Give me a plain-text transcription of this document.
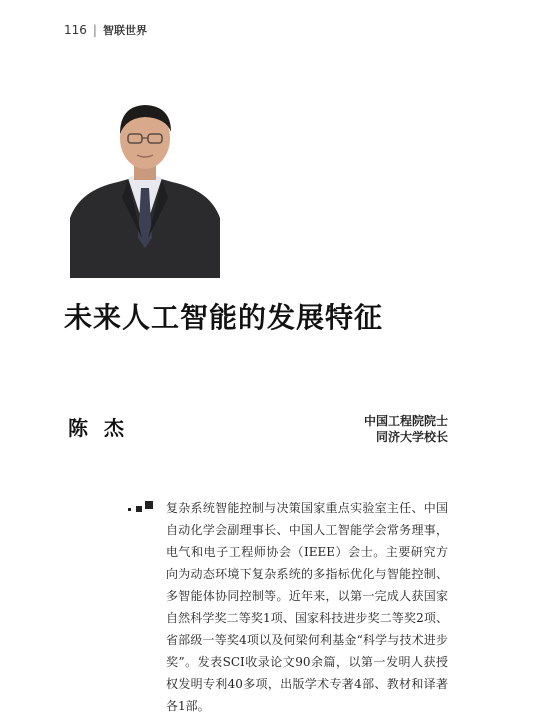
116 | 智联世界
未来人工智能的发展特征
陈杰	中国工程院院士
同济大学校长
复杂系统智能控制与决策国家重点实验室主任、中国自动化学会副理事长、中国人工智能学会常务理事，电气和电子工程师协会（IEEE）会士。主要研究方向为动态环境下复杂系统的多指标优化与智能控制、多智能体协同控制等。近年来，以第一完成人获国家自然科学奖二等奖1项、国家科技进步奖二等奖2项、省部级一等奖4项以及何梁何利基金“科学与技术进步奖”。发表SCI收录论文90余篇，以第一发明人获授权发明专利40多项，出版学术专著4部、教材和译著各1部。
